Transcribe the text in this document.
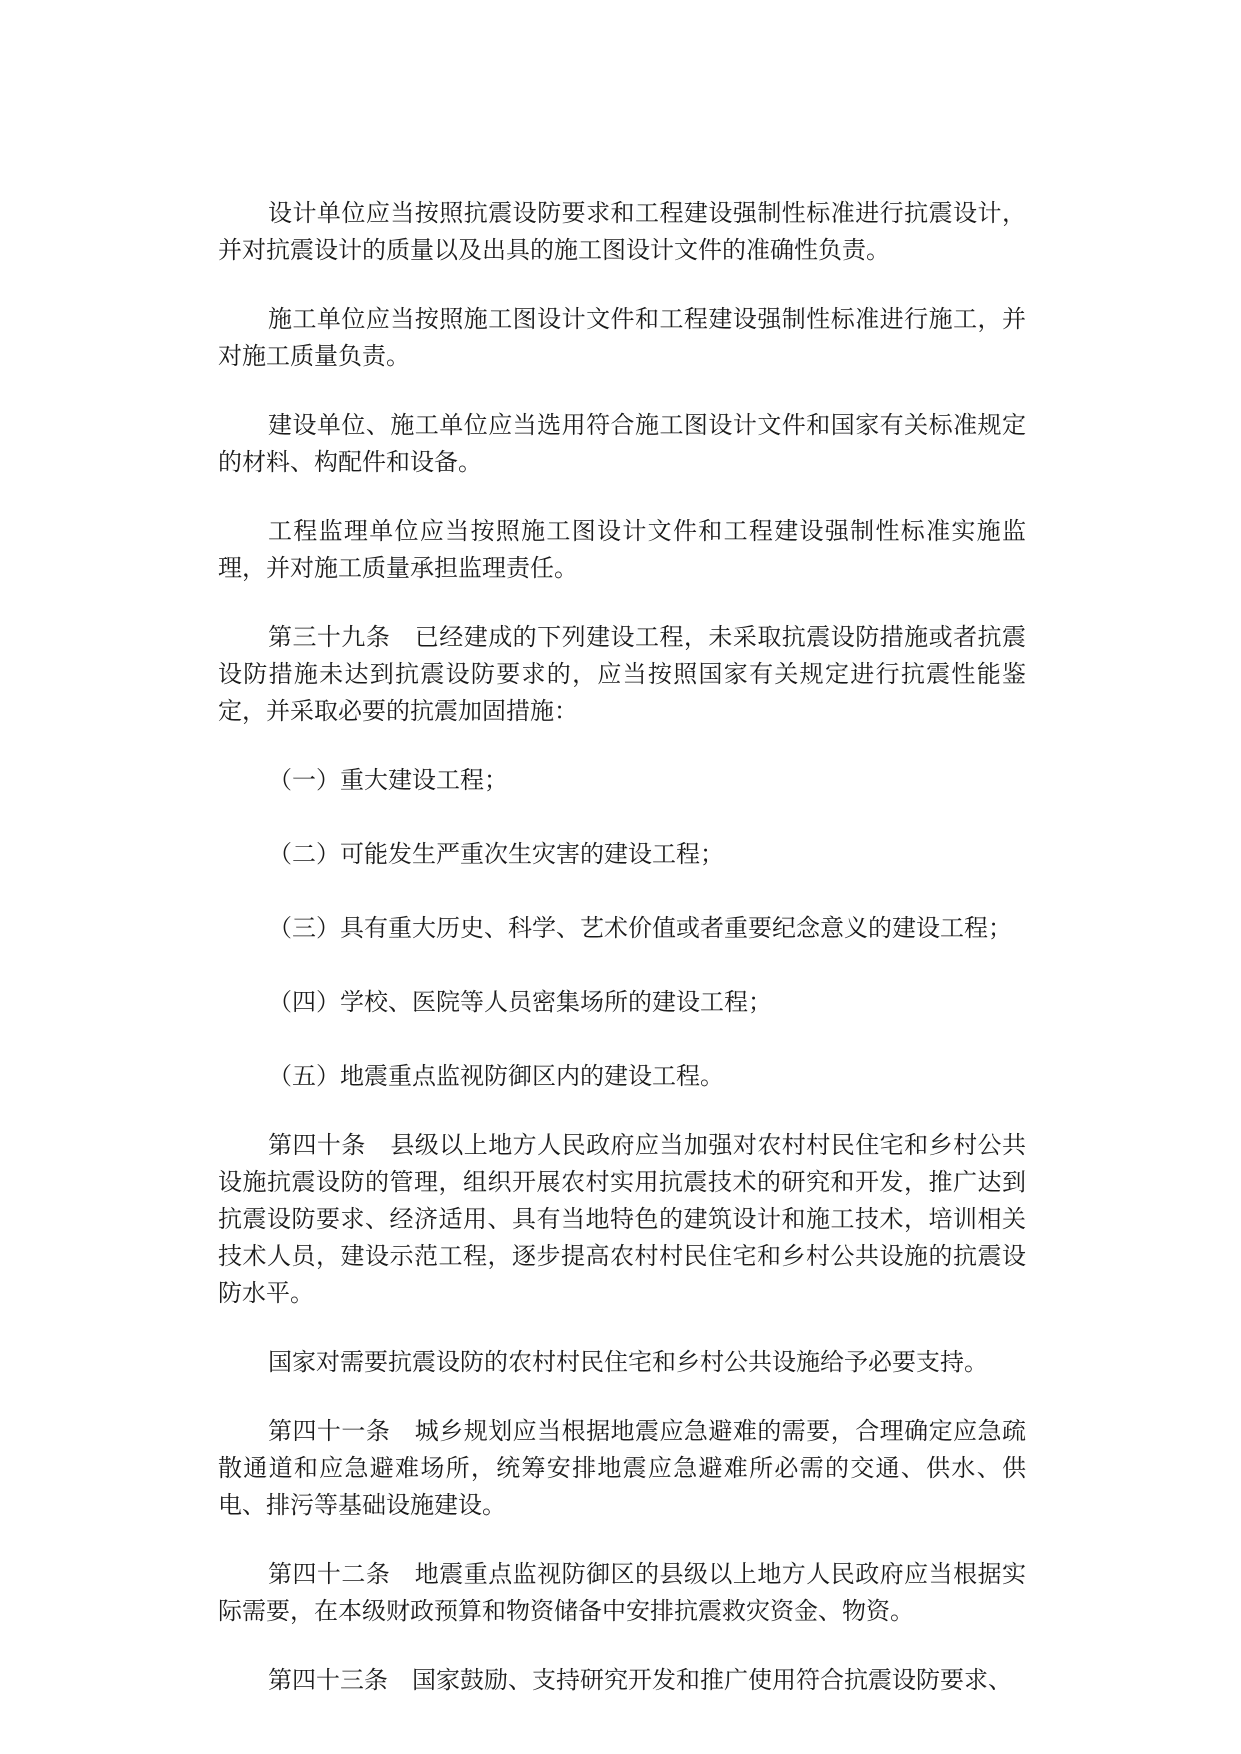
设计单位应当按照抗震设防要求和工程建设强制性标准进行抗震设计，并对抗震设计的质量以及出具的施工图设计文件的准确性负责。

施工单位应当按照施工图设计文件和工程建设强制性标准进行施工，并对施工质量负责。

建设单位、施工单位应当选用符合施工图设计文件和国家有关标准规定的材料、构配件和设备。

工程监理单位应当按照施工图设计文件和工程建设强制性标准实施监理，并对施工质量承担监理责任。

第三十九条　已经建成的下列建设工程，未采取抗震设防措施或者抗震设防措施未达到抗震设防要求的，应当按照国家有关规定进行抗震性能鉴定，并采取必要的抗震加固措施：

（一）重大建设工程；

（二）可能发生严重次生灾害的建设工程；

（三）具有重大历史、科学、艺术价值或者重要纪念意义的建设工程；

（四）学校、医院等人员密集场所的建设工程；

（五）地震重点监视防御区内的建设工程。

第四十条　县级以上地方人民政府应当加强对农村村民住宅和乡村公共设施抗震设防的管理，组织开展农村实用抗震技术的研究和开发，推广达到抗震设防要求、经济适用、具有当地特色的建筑设计和施工技术，培训相关技术人员，建设示范工程，逐步提高农村村民住宅和乡村公共设施的抗震设防水平。

国家对需要抗震设防的农村村民住宅和乡村公共设施给予必要支持。

第四十一条　城乡规划应当根据地震应急避难的需要，合理确定应急疏散通道和应急避难场所，统筹安排地震应急避难所必需的交通、供水、供电、排污等基础设施建设。

第四十二条　地震重点监视防御区的县级以上地方人民政府应当根据实际需要，在本级财政预算和物资储备中安排抗震救灾资金、物资。

第四十三条　国家鼓励、支持研究开发和推广使用符合抗震设防要求、
